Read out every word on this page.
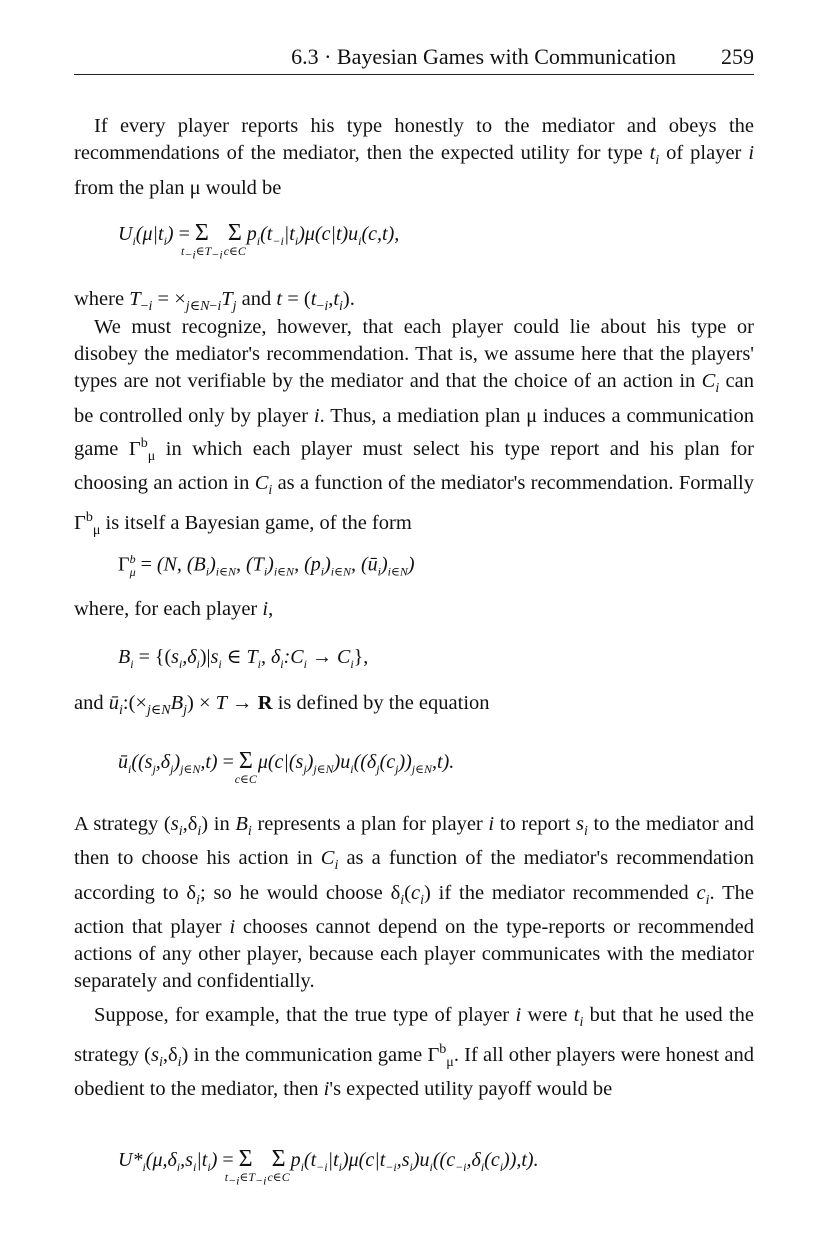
6.3 · Bayesian Games with Communication 259

If every player reports his type honestly to the mediator and obeys the recommendations of the mediator, then the expected utility for type $t_i$ of player i from the plan μ would be

$U_i(\mu|t_i) = \Sigma$
$t_{-i}\in T_{-i}$
Σ
c∈C
$p_i(t_{-i}|t_i)\mu(c|t)u_i(c,t)$,

where $T_{-i} = \times_{j\in N-i}T_j$ and $t = (t_{-i},t_i)$.

We must recognize, however, that each player could lie about his type or disobey the mediator's recommendation. That is, we assume here that the players' types are not verifiable by the mediator and that the choice of an action in $C_i$ can be controlled only by player i. Thus, a mediation plan μ induces a communication game $\Gamma^b_\mu$ in which each player must select his type report and his plan for choosing an action in $C_i$ as a function of the mediator's recommendation. Formally $\Gamma^b_\mu$ is itself a Bayesian game, of the form

$\Gamma^b_\mu = (N$, $(B_i)_{i\in N}$, $(T_i)_{i\in N}$, $(p_i)_{i\in N}$, $(ū_i)_{i\in N}$)

where, for each player i,

$B_i = \{(s_i,\delta_i)|s_i$ ∈ $T_i$, $\delta_i:C_i \to C_i$},

and $ū_i:(\times_{j\in N}B_j) \times T \to R$ is defined by the equation

$ū_i((s_j,\delta_j)_{j\in N},t) = \Sigma$
c∈C
$\mu(c|(s_j)_{j\in N})u_i((\delta_j(c_j))_{j\in N},t)$.

A strategy $(s_i,\delta_i)$ in $B_i$ represents a plan for player i to report $s_i$ to the mediator and then to choose his action in $C_i$ as a function of the mediator's recommendation according to $\delta_i$; so he would choose $\delta_i(c_i)$ if the mediator recommended $c_i$. The action that player i chooses cannot depend on the type-reports or recommended actions of any other player, because each player communicates with the mediator separately and confidentially.

Suppose, for example, that the true type of player i were $t_i$ but that he used the strategy $(s_i,\delta_i)$ in the communication game $\Gamma^b_\mu$. If all other players were honest and obedient to the mediator, then i's expected utility payoff would be

$U*_i(\mu,\delta_i,s_i|t_i) = \Sigma$
$t_{-i}\in T_{-i}$
Σ
c∈C
$p_i(t_{-i}|t_i)\mu(c|t_{-i},s_i)u_i((c_{-i},\delta_i(c_i)),t)$.
